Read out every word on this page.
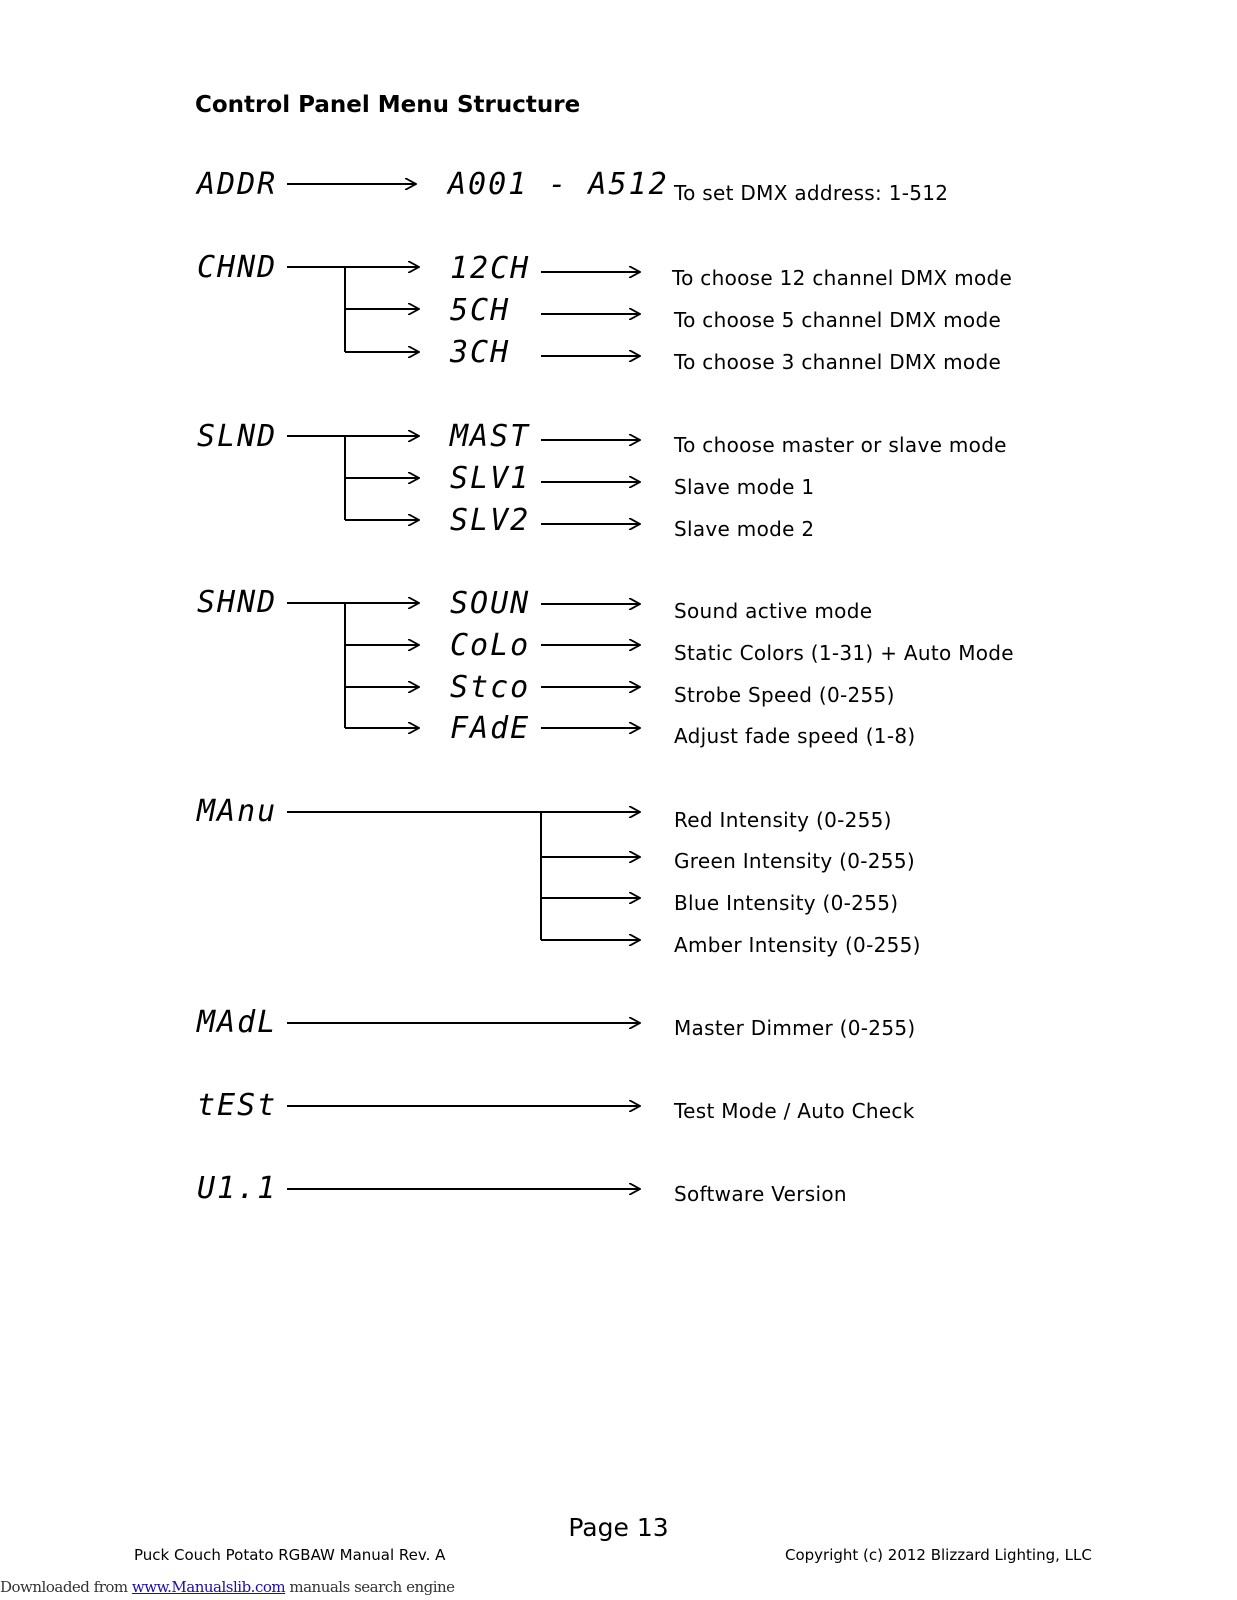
Control Panel Menu Structure
ADDR
CHND
SLND
SHND
MAnu
MAdL
tESt
U1.1
A001 - A512
12CH
5CH
3CH
MAST
SLV1
SLV2
SOUN
CoLo
Stco
FAdE
To set DMX address: 1-512
To choose 12 channel DMX mode
To choose 5 channel DMX mode
To choose 3 channel DMX mode
To choose master or slave mode
Slave mode 1
Slave mode 2
Sound active mode
Static Colors (1-31) + Auto Mode
Strobe Speed (0-255)
Adjust fade speed (1-8)
Red Intensity (0-255)
Green Intensity (0-255)
Blue Intensity (0-255)
Amber Intensity (0-255)
Master Dimmer (0-255)
Test Mode / Auto Check
Software Version
Page 13
Puck Couch Potato RGBAW Manual Rev. A	Copyright (c) 2012 Blizzard Lighting, LLC
Downloaded from www.Manualslib.com manuals search engine
